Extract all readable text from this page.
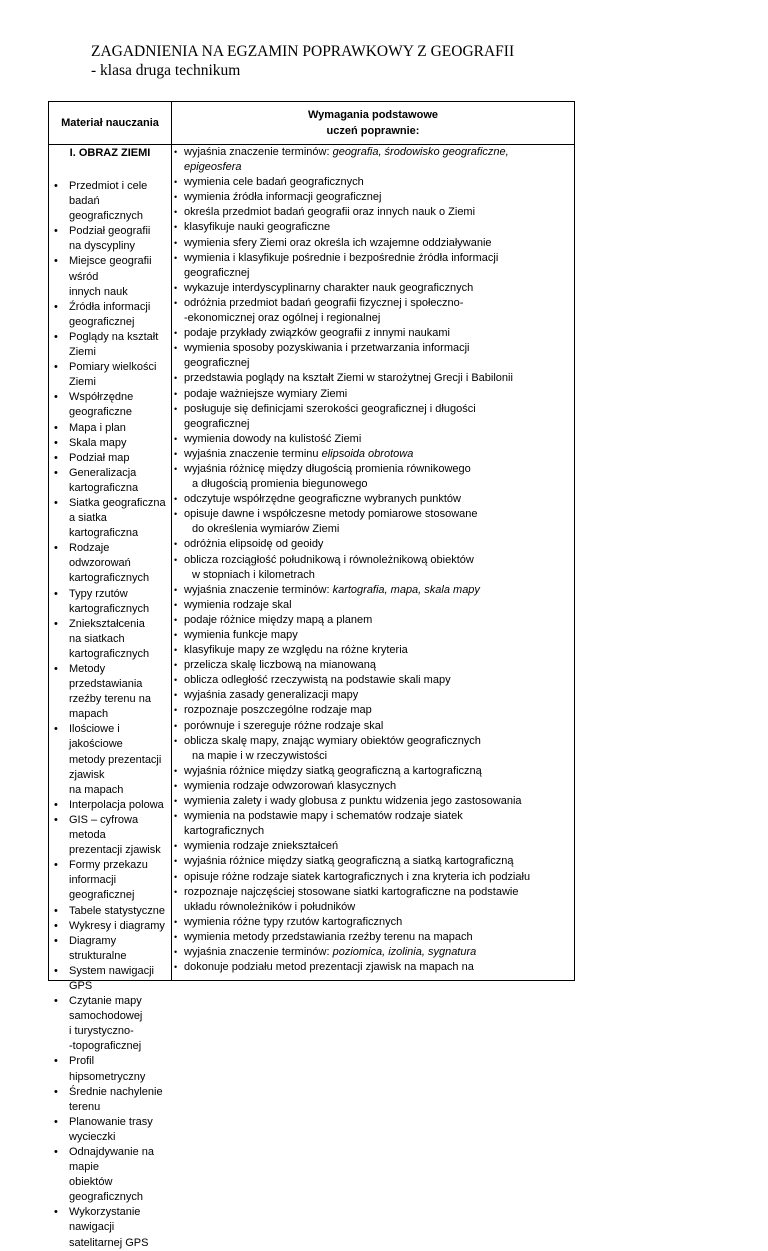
ZAGADNIENIA NA EGZAMIN POPRAWKOWY Z GEOGRAFII
- klasa druga technikum
Materiał nauczania
Wymagania podstawowe
uczeń poprawnie:
I. OBRAZ ZIEMI
• Przedmiot i cele badań
geograficznych
• Podział geografii
na dyscypliny
• Miejsce geografii wśród
innych nauk
• Źródła informacji
geograficznej
• Poglądy na kształt Ziemi
• Pomiary wielkości Ziemi
• Współrzędne geograficzne
• Mapa i plan
• Skala mapy
• Podział map
• Generalizacja
kartograficzna
• Siatka geograficzna
a siatka kartograficzna
• Rodzaje odwzorowań
kartograficznych
• Typy rzutów
kartograficznych
• Zniekształcenia
na siatkach
kartograficznych
• Metody przedstawiania
rzeźby terenu na mapach
• Ilościowe i jakościowe
metody prezentacji zjawisk
na mapach
• Interpolacja polowa
• GIS – cyfrowa metoda
prezentacji zjawisk
• Formy przekazu informacji
geograficznej
• Tabele statystyczne
• Wykresy i diagramy
• Diagramy strukturalne
• System nawigacji GPS
• Czytanie mapy
samochodowej
i turystyczno-
-topograficznej
• Profil hipsometryczny
• Średnie nachylenie terenu
• Planowanie trasy
wycieczki
• Odnajdywanie na mapie
obiektów geograficznych
• Wykorzystanie nawigacji
satelitarnej GPS
• wyjaśnia znaczenie terminów: geografia, środowisko geograficzne,
epigeosfera
• wymienia cele badań geograficznych
• wymienia źródła informacji geograficznej
• określa przedmiot badań geografii oraz innych nauk o Ziemi
• klasyfikuje nauki geograficzne
• wymienia sfery Ziemi oraz określa ich wzajemne oddziaływanie
• wymienia i klasyfikuje pośrednie i bezpośrednie źródła informacji
geograficznej
• wykazuje interdyscyplinarny charakter nauk geograficznych
• odróżnia przedmiot badań geografii fizycznej i społeczno-
-ekonomicznej oraz ogólnej i regionalnej
• podaje przykłady związków geografii z innymi naukami
• wymienia sposoby pozyskiwania i przetwarzania informacji
geograficznej
• przedstawia poglądy na kształt Ziemi w starożytnej Grecji i Babilonii
• podaje ważniejsze wymiary Ziemi
• posługuje się definicjami szerokości geograficznej i długości
geograficznej
• wymienia dowody na kulistość Ziemi
• wyjaśnia znaczenie terminu elipsoida obrotowa
• wyjaśnia różnicę między długością promienia równikowego
a długością promienia biegunowego
• odczytuje współrzędne geograficzne wybranych punktów
• opisuje dawne i współczesne metody pomiarowe stosowane
do określenia wymiarów Ziemi
• odróżnia elipsoidę od geoidy
• oblicza rozciągłość południkową i równoleżnikową obiektów
w stopniach i kilometrach
• wyjaśnia znaczenie terminów: kartografia, mapa, skala mapy
• wymienia rodzaje skal
• podaje różnice między mapą a planem
• wymienia funkcje mapy
• klasyfikuje mapy ze względu na różne kryteria
• przelicza skalę liczbową na mianowaną
• oblicza odległość rzeczywistą na podstawie skali mapy
• wyjaśnia zasady generalizacji mapy
• rozpoznaje poszczególne rodzaje map
• porównuje i szereguje różne rodzaje skal
• oblicza skalę mapy, znając wymiary obiektów geograficznych
na mapie i w rzeczywistości
• wyjaśnia różnice między siatką geograficzną a kartograficzną
• wymienia rodzaje odwzorowań klasycznych
• wymienia zalety i wady globusa z punktu widzenia jego zastosowania
• wymienia na podstawie mapy i schematów rodzaje siatek
kartograficznych
• wymienia rodzaje zniekształceń
• wyjaśnia różnice między siatką geograficzną a siatką kartograficzną
• opisuje różne rodzaje siatek kartograficznych i zna kryteria ich podziału
• rozpoznaje najczęściej stosowane siatki kartograficzne na podstawie
układu równoleżników i południków
• wymienia różne typy rzutów kartograficznych
• wymienia metody przedstawiania rzeźby terenu na mapach
• wyjaśnia znaczenie terminów: poziomica, izolinia, sygnatura
• dokonuje podziału metod prezentacji zjawisk na mapach na
